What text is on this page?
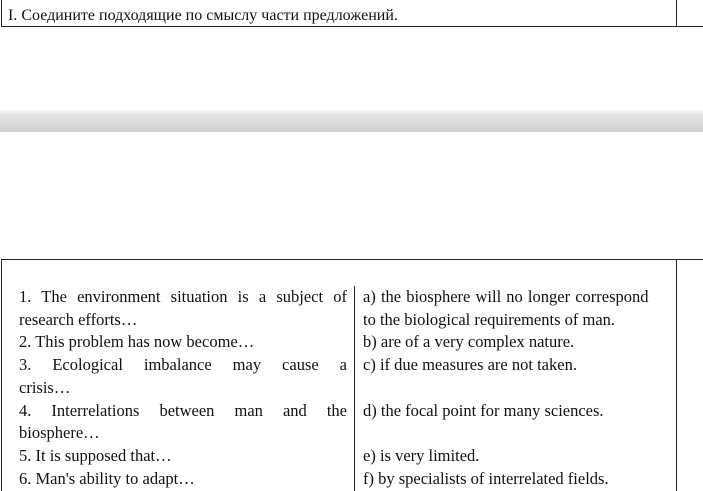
I. Соедините подходящие по смыслу части предложений.
1. The environment situation is a subject of
research efforts…
2. This problem has now become…
3. Ecological imbalance may cause a
crisis…
4. Interrelations between man and the
biosphere…
5. It is supposed that…
6. Man's ability to adapt…
a) the biosphere will no longer correspond
to the biological requirements of man.
b) are of a very complex nature.
c) if due measures are not taken.
d) the focal point for many sciences.
e) is very limited.
f) by specialists of interrelated fields.
